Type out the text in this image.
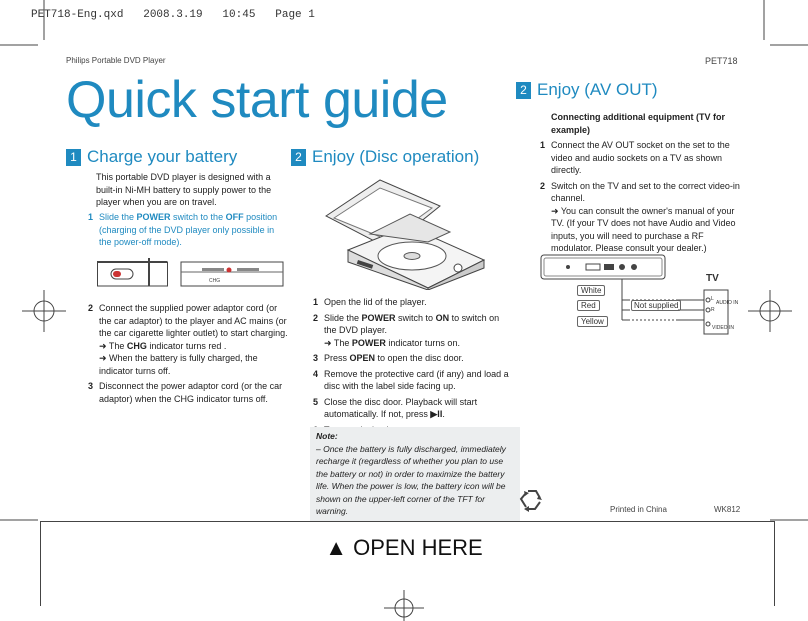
PET718-Eng.qxd   2008.3.19   10:45   Page 1
Philips Portable DVD Player	PET718
Quick start guide
1 Charge your battery
This portable DVD player is designed with a built-in Ni-MH battery to supply power to the player when you are on travel.
1 Slide the POWER switch to the OFF position (charging of the DVD player only possible in the power-off mode).
CHG
2 Connect the supplied power adaptor cord (or the car adaptor) to the player and AC mains (or the car cigarette lighter outlet) to start charging.
➜ The CHG indicator turns red .
➜ When the battery is fully charged, the indicator turns off.
3 Disconnect the power adaptor cord (or the car adaptor) when the CHG indicator turns off.
2 Enjoy (Disc operation)
1 Open the lid of the player.
2 Slide the POWER switch to ON to switch on the DVD player.
➜ The POWER indicator turns on.
3 Press OPEN to open the disc door.
4 Remove the protective card (if any) and load a disc with the label side facing up.
5 Close the disc door. Playback will start automatically. If not, press ▶II.

Note:

– Once the battery is fully discharged, immediately recharge it (regardless of whether you plan to use the battery or not) in order to maximize the battery life. When the power is low, the battery icon will be shown on the upper-left corner of the TFT for warning.

2 Enjoy (AV OUT)
Connecting additional equipment (TV for example)
1 Connect the AV OUT socket on the set to the video and audio sockets on a TV as shown directly.
2 Switch on the TV and set to the correct video-in channel.
➜ You can consult the owner's manual of your TV. (If your TV does not have Audio and Video inputs, you will need to purchase a RF modulator. Please consult your dealer.)
TV
White
Red
Yellow
Not supplied
L
AUDIO IN
R
VIDEO IN
Printed in China	WK812
▲ OPEN HERE
